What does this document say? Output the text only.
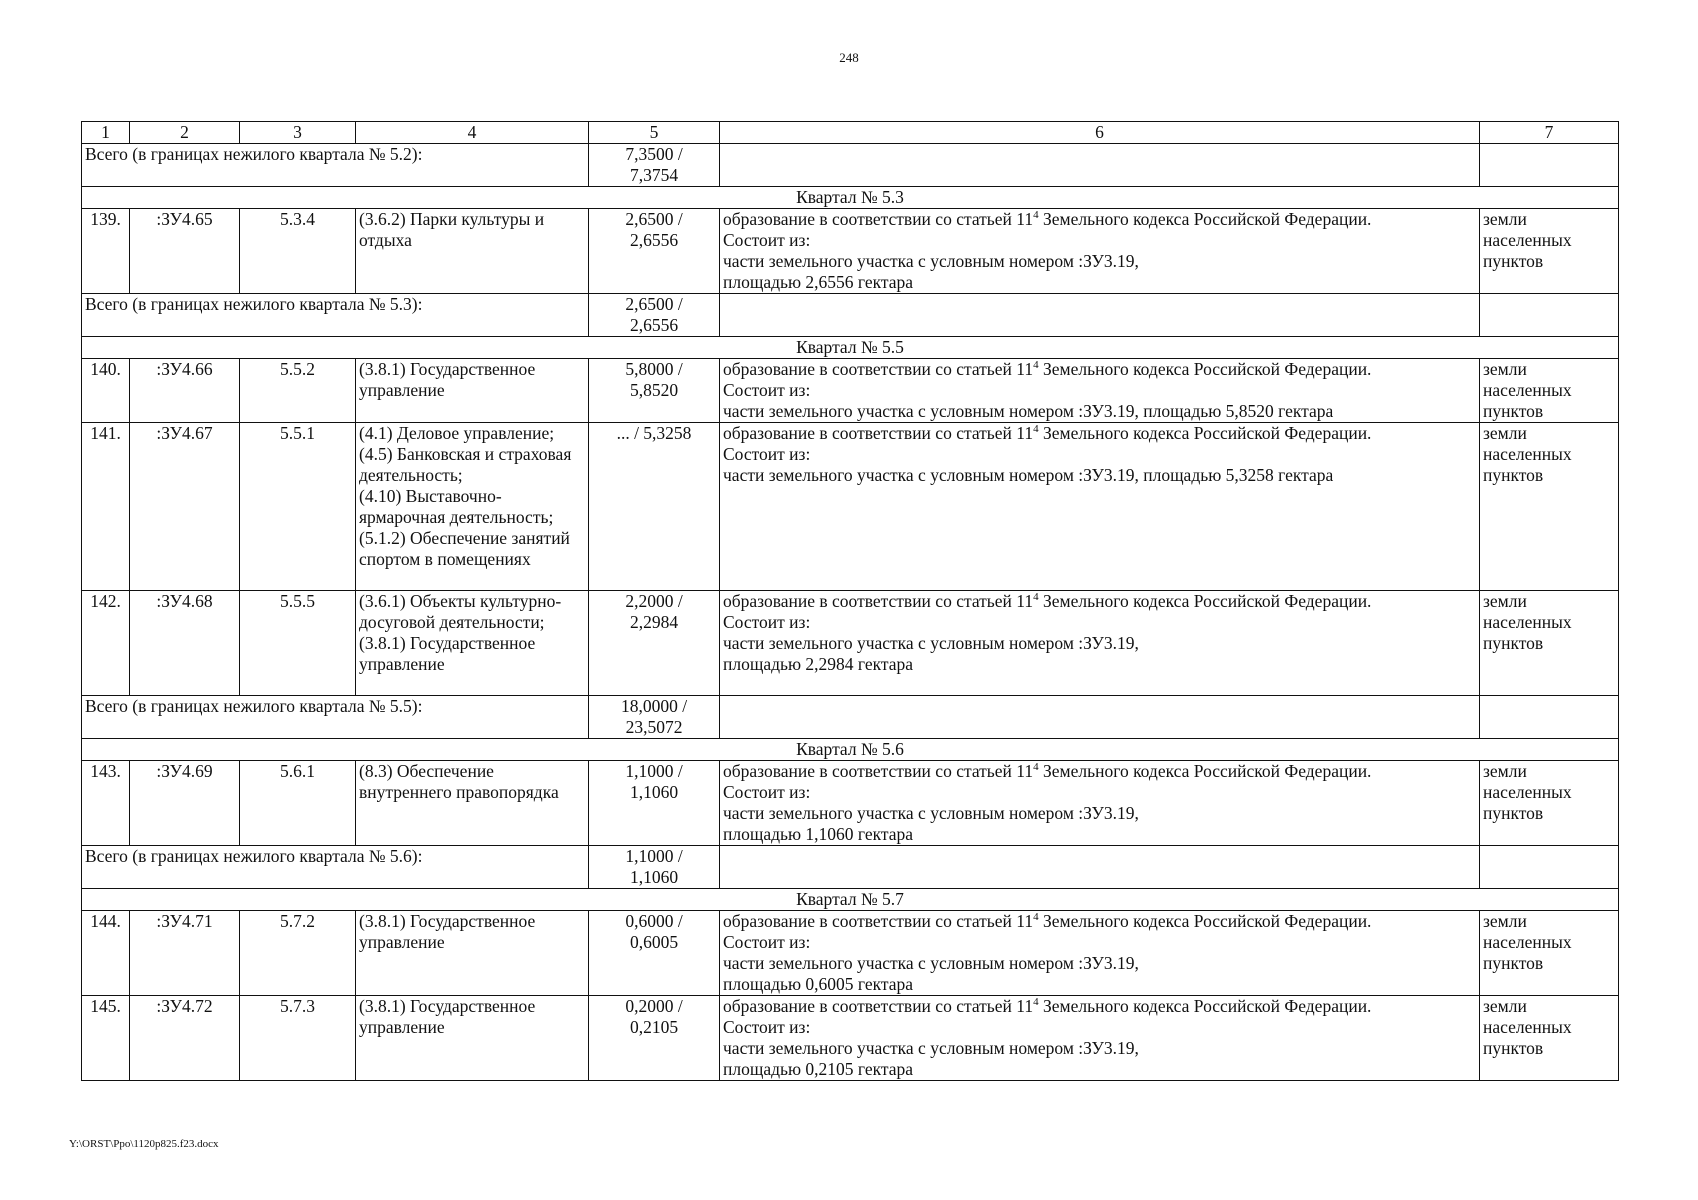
248
1	2	3	4	5	6	7
Всего (в границах нежилого квартала № 5.2):				7,3500 /
7,3754		

Квартал № 5.3						
139.	:ЗУ4.65	5.3.4	(3.6.2) Парки культуры и отдыха	2,6500 /
2,6556	образование в соответствии со статьей $11^4$ Земельного кодекса Российской Федерации.
Состоит из:
части земельного участка с условным номером :ЗУ3.19,
площадью 2,6556 гектара	земли населенных пунктов

Всего (в границах нежилого квартала № 5.3):				2,6500 /
2,6556		

Квартал № 5.5						
140.	:ЗУ4.66	5.5.2	(3.8.1) Государственное управление	5,8000 /
5,8520	образование в соответствии со статьей $11^4$ Земельного кодекса Российской Федерации.
Состоит из:
части земельного участка с условным номером :ЗУ3.19, площадью 5,8520 гектара	земли населенных пунктов

141.	:ЗУ4.67	5.5.1	(4.1) Деловое управление;
(4.5) Банковская и страховая деятельность;
(4.10) Выставочно-ярмарочная деятельность;
(5.1.2) Обеспечение занятий спортом в помещениях	... / 5,3258	образование в соответствии со статьей $11^4$ Земельного кодекса Российской Федерации.
Состоит из:
части земельного участка с условным номером :ЗУ3.19, площадью 5,3258 гектара	земли населенных пунктов

142.	:ЗУ4.68	5.5.5	(3.6.1) Объекты культурно-досуговой деятельности;
(3.8.1) Государственное управление	2,2000 /
2,2984	образование в соответствии со статьей $11^4$ Земельного кодекса Российской Федерации.
Состоит из:
части земельного участка с условным номером :ЗУ3.19,
площадью 2,2984 гектара	земли населенных пунктов

Всего (в границах нежилого квартала № 5.5):				18,0000 /
23,5072		

Квартал № 5.6						
143.	:ЗУ4.69	5.6.1	(8.3) Обеспечение внутреннего правопорядка	1,1000 /
1,1060	образование в соответствии со статьей $11^4$ Земельного кодекса Российской Федерации.
Состоит из:
части земельного участка с условным номером :ЗУ3.19,
площадью 1,1060 гектара	земли населенных пунктов

Всего (в границах нежилого квартала № 5.6):				1,1000 /
1,1060		

Квартал № 5.7						
144.	:ЗУ4.71	5.7.2	(3.8.1) Государственное управление	0,6000 /
0,6005	образование в соответствии со статьей $11^4$ Земельного кодекса Российской Федерации.
Состоит из:
части земельного участка с условным номером :ЗУ3.19,
площадью 0,6005 гектара	земли населенных пунктов

145.	:ЗУ4.72	5.7.3	(3.8.1) Государственное управление	0,2000 /
0,2105	образование в соответствии со статьей $11^4$ Земельного кодекса Российской Федерации.
Состоит из:
части земельного участка с условным номером :ЗУ3.19,
площадью 0,2105 гектара	земли населенных пунктов
Y:\ORST\Ppo\1120p825.f23.docx
